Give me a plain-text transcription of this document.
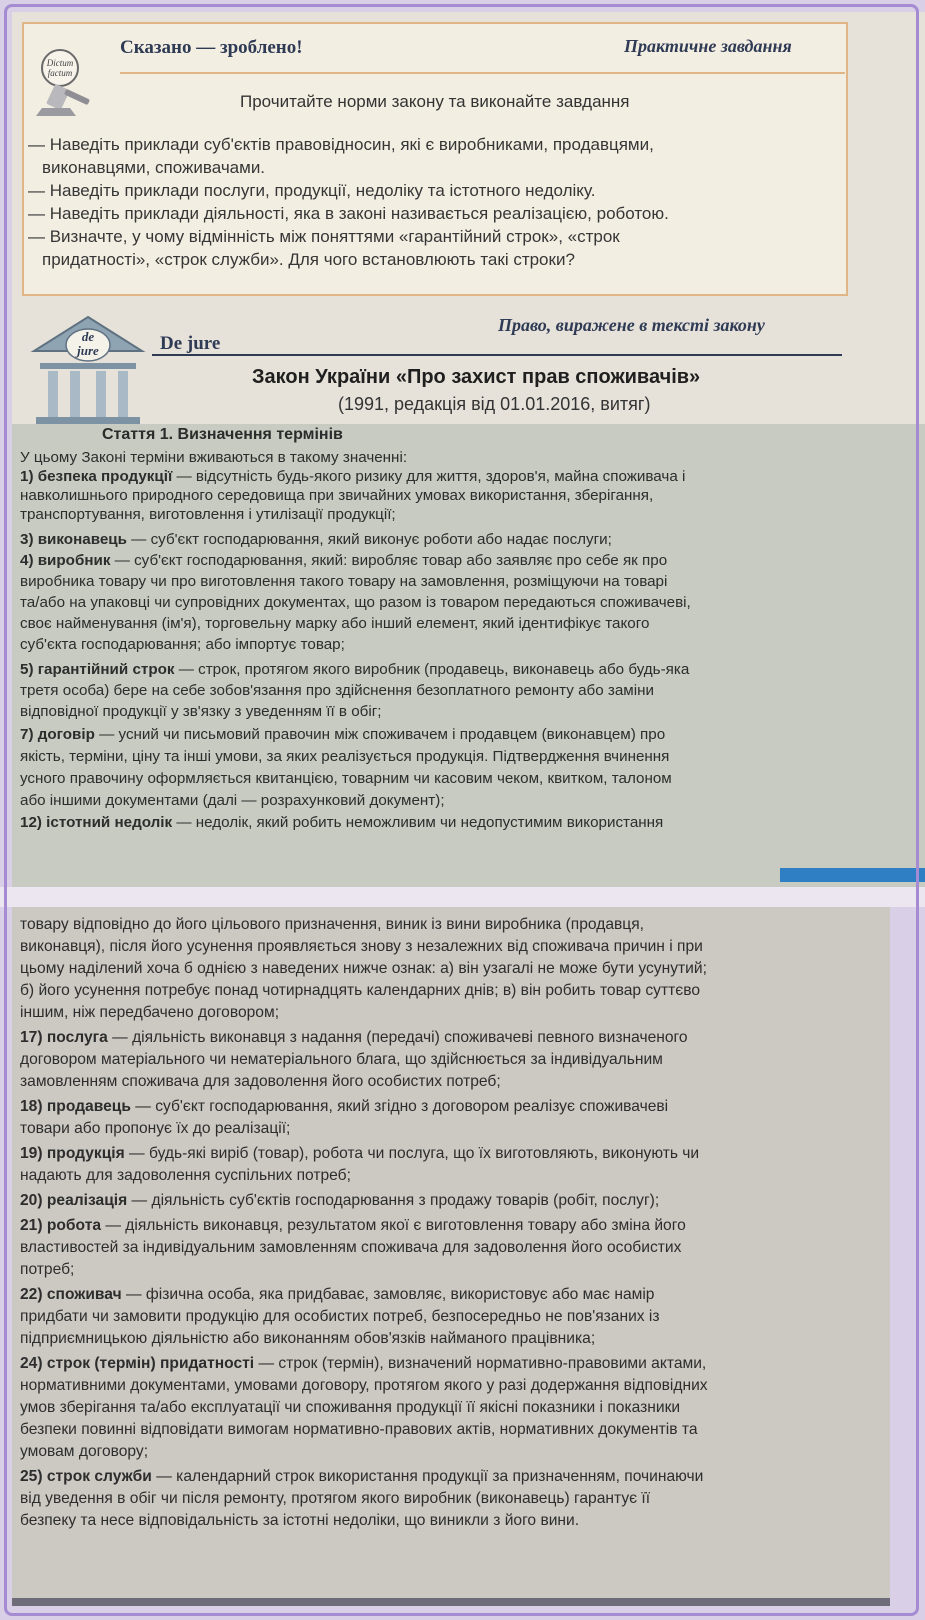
Dictum
factum
Сказано — зроблено!	Практичне завдання
Прочитайте норми закону та виконайте завдання
— Наведіть приклади суб'єктів правовідносин, які є виробниками, продавцями,
виконавцями, споживачами.
— Наведіть приклади послуги, продукції, недоліку та істотного недоліку.
— Наведіть приклади діяльності, яка в законі називається реалізацією, роботою.
— Визначте, у чому відмінність між поняттями «гарантійний строк», «строк
придатності», «строк служби». Для чого встановлюють такі строки?
de
jure	De jure
Право, виражене в тексті закону
Закон України «Про захист прав споживачів»
(1991, редакція від 01.01.2016, витяг)
Стаття 1. Визначення термінів
У цьому Законі терміни вживаються в такому значенні:
1) безпека продукції — відсутність будь-якого ризику для життя, здоров'я, майна споживача і
навколишнього природного середовища при звичайних умовах використання, зберігання,
транспортування, виготовлення і утилізації продукції;
3) виконавець — суб'єкт господарювання, який виконує роботи або надає послуги;
4) виробник — суб'єкт господарювання, який: виробляє товар або заявляє про себе як про
виробника товару чи про виготовлення такого товару на замовлення, розміщуючи на товарі
та/або на упаковці чи супровідних документах, що разом із товаром передаються споживачеві,
своє найменування (ім'я), торговельну марку або інший елемент, який ідентифікує такого
суб'єкта господарювання; або імпортує товар;
5) гарантійний строк — строк, протягом якого виробник (продавець, виконавець або будь-яка
третя особа) бере на себе зобов'язання про здійснення безоплатного ремонту або заміни
відповідної продукції у зв'язку з уведенням її в обіг;
7) договір — усний чи письмовий правочин між споживачем і продавцем (виконавцем) про
якість, терміни, ціну та інші умови, за яких реалізується продукція. Підтвердження вчинення
усного правочину оформляється квитанцією, товарним чи касовим чеком, квитком, талоном
або іншими документами (далі — розрахунковий документ);
12) істотний недолік — недолік, який робить неможливим чи недопустимим використання
товару відповідно до його цільового призначення, виник із вини виробника (продавця,
виконавця), після його усунення проявляється знову з незалежних від споживача причин і при
цьому наділений хоча б однією з наведених нижче ознак: а) він узагалі не може бути усунутий;
б) його усунення потребує понад чотирнадцять календарних днів; в) він робить товар суттєво
іншим, ніж передбачено договором;
17) послуга — діяльність виконавця з надання (передачі) споживачеві певного визначеного
договором матеріального чи нематеріального блага, що здійснюється за індивідуальним
замовленням споживача для задоволення його особистих потреб;
18) продавець — суб'єкт господарювання, який згідно з договором реалізує споживачеві
товари або пропонує їх до реалізації;
19) продукція — будь-які виріб (товар), робота чи послуга, що їх виготовляють, виконують чи
надають для задоволення суспільних потреб;
20) реалізація — діяльність суб'єктів господарювання з продажу товарів (робіт, послуг);
21) робота — діяльність виконавця, результатом якої є виготовлення товару або зміна його
властивостей за індивідуальним замовленням споживача для задоволення його особистих
потреб;
22) споживач — фізична особа, яка придбаває, замовляє, використовує або має намір
придбати чи замовити продукцію для особистих потреб, безпосередньо не пов'язаних із
підприємницькою діяльністю або виконанням обов'язків найманого працівника;
24) строк (термін) придатності — строк (термін), визначений нормативно-правовими актами,
нормативними документами, умовами договору, протягом якого у разі додержання відповідних
умов зберігання та/або експлуатації чи споживання продукції її якісні показники і показники
безпеки повинні відповідати вимогам нормативно-правових актів, нормативних документів та
умовам договору;
25) строк служби — календарний строк використання продукції за призначенням, починаючи
від уведення в обіг чи після ремонту, протягом якого виробник (виконавець) гарантує її
безпеку та несе відповідальність за істотні недоліки, що виникли з його вини.
